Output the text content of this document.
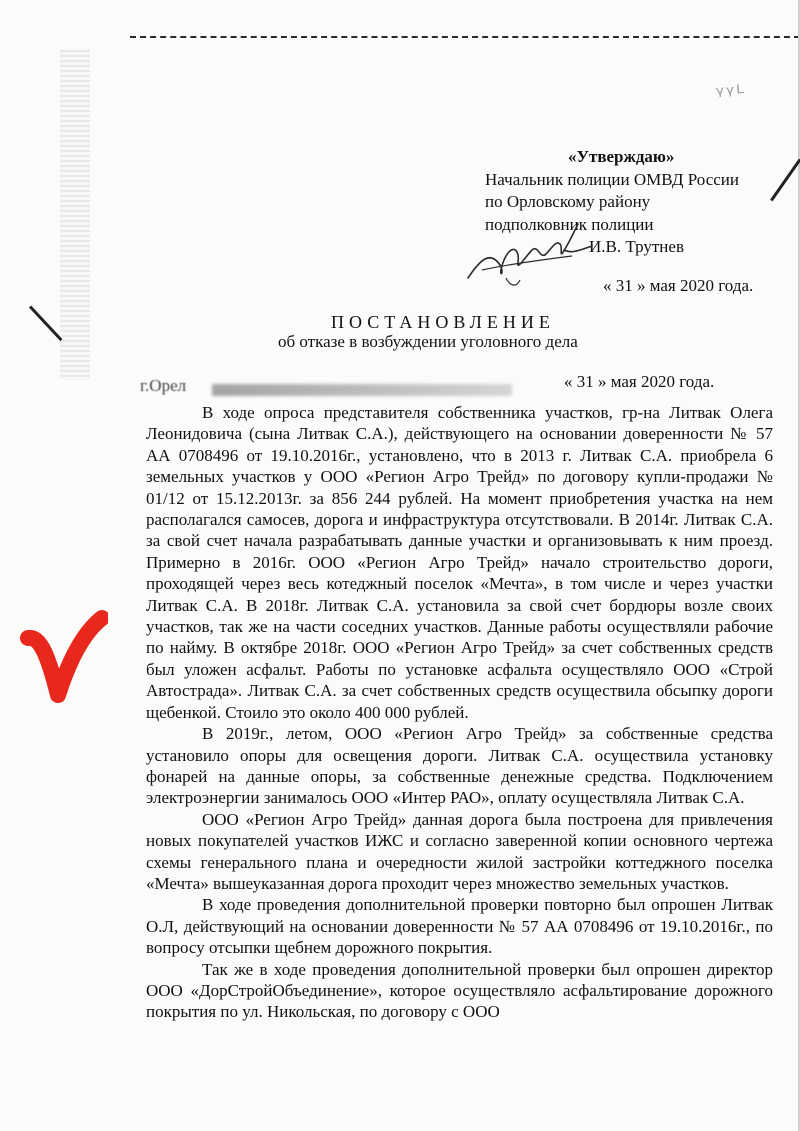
ᵞᵞᴸ
«Утверждаю»
Начальник полиции ОМВД России
по Орловскому району
подполковник полиции
И.В. Трутнев
« 31 » мая 2020 года.
ПОСТАНОВЛЕНИЕ
об отказе в возбуждении уголовного дела
г.Орел	« 31 » мая 2020 года.

В ходе опроса представителя собственника участков, гр-на Литвак Олега Леонидовича (сына Литвак С.А.), действующего на основании доверенности № 57 АА 0708496 от 19.10.2016г., установлено, что в 2013 г. Литвак С.А. приобрела 6 земельных участков у ООО «Регион Агро Трейд» по договору купли-продажи № 01/12 от 15.12.2013г. за 856 244 рублей. На момент приобретения участка на нем располагался самосев, дорога и инфраструктура отсутствовали. В 2014г. Литвак С.А. за свой счет начала разрабатывать данные участки и организовывать к ним проезд. Примерно в 2016г. ООО «Регион Агро Трейд» начало строительство дороги, проходящей через весь котеджный поселок «Мечта», в том числе и через участки Литвак С.А. В 2018г. Литвак С.А. установила за свой счет бордюры возле своих участков, так же на части соседних участков. Данные работы осуществляли рабочие по найму. В октябре 2018г. ООО «Регион Агро Трейд» за счет собственных средств был уложен асфальт. Работы по установке асфальта осуществляло ООО «Строй Автострада». Литвак С.А. за счет собственных средств осуществила обсыпку дороги щебенкой. Стоило это около 400 000 рублей.

В 2019г., летом, ООО «Регион Агро Трейд» за собственные средства установило опоры для освещения дороги. Литвак С.А. осуществила установку фонарей на данные опоры, за собственные денежные средства. Подключением электроэнергии занималось ООО «Интер РАО», оплату осуществляла Литвак С.А.

ООО «Регион Агро Трейд» данная дорога была построена для привлечения новых покупателей участков ИЖС и согласно заверенной копии основного чертежа схемы генерального плана и очередности жилой застройки коттеджного поселка «Мечта» вышеуказанная дорога проходит через множество земельных участков.

В ходе проведения дополнительной проверки повторно был опрошен Литвак О.Л, действующий на основании доверенности № 57 АА 0708496 от 19.10.2016г., по вопросу отсыпки щебнем дорожного покрытия.

Так же в ходе проведения дополнительной проверки был опрошен директор ООО «ДорСтройОбъединение», которое осуществляло асфальтирование дорожного покрытия по ул. Никольская, по договору с ООО
